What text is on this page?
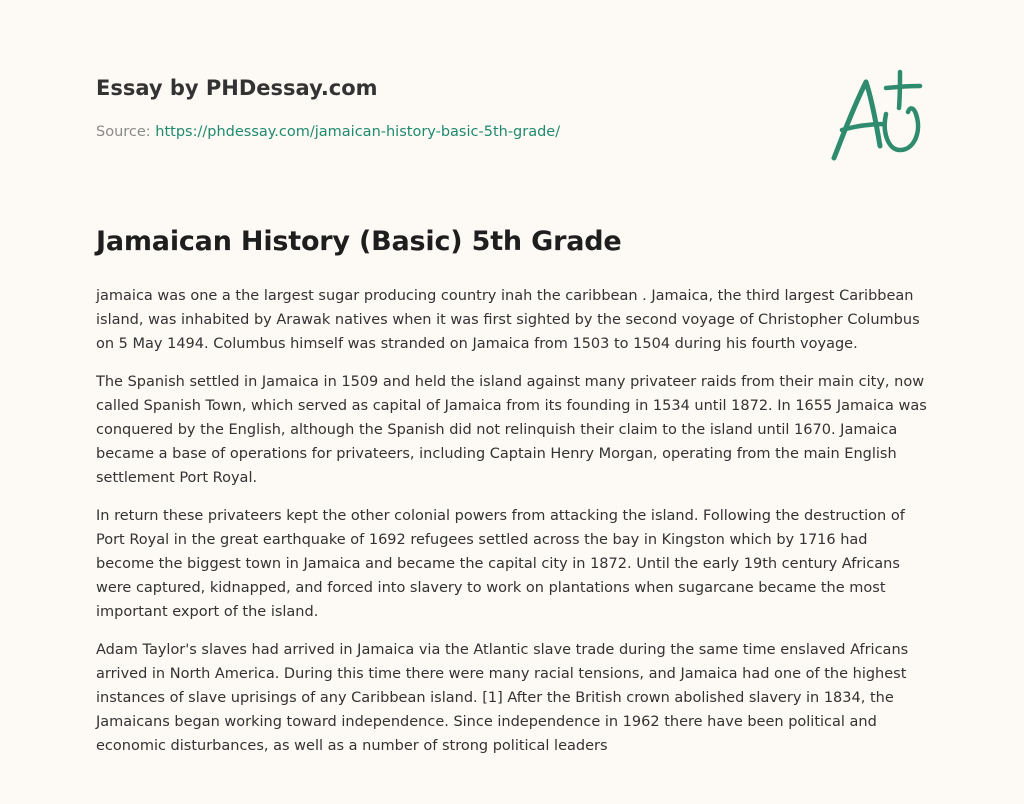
Essay by PHDessay.com

Source: https://phdessay.com/jamaican-history-basic-5th-grade/

Jamaican History (Basic) 5th Grade

jamaica was one a the largest sugar producing country inah the caribbean . Jamaica, the third largest Caribbean island, was inhabited by Arawak natives when it was first sighted by the second voyage of Christopher Columbus on 5 May 1494. Columbus himself was stranded on Jamaica from 1503 to 1504 during his fourth voyage.

The Spanish settled in Jamaica in 1509 and held the island against many privateer raids from their main city, now called Spanish Town, which served as capital of Jamaica from its founding in 1534 until 1872. In 1655 Jamaica was conquered by the English, although the Spanish did not relinquish their claim to the island until 1670. Jamaica became a base of operations for privateers, including Captain Henry Morgan, operating from the main English settlement Port Royal.

In return these privateers kept the other colonial powers from attacking the island. Following the destruction of Port Royal in the great earthquake of 1692 refugees settled across the bay in Kingston which by 1716 had become the biggest town in Jamaica and became the capital city in 1872. Until the early 19th century Africans were captured, kidnapped, and forced into slavery to work on plantations when sugarcane became the most important export of the island.

Adam Taylor's slaves had arrived in Jamaica via the Atlantic slave trade during the same time enslaved Africans arrived in North America. During this time there were many racial tensions, and Jamaica had one of the highest instances of slave uprisings of any Caribbean island. [1] After the British crown abolished slavery in 1834, the Jamaicans began working toward independence. Since independence in 1962 there have been political and economic disturbances, as well as a number of strong political leaders
